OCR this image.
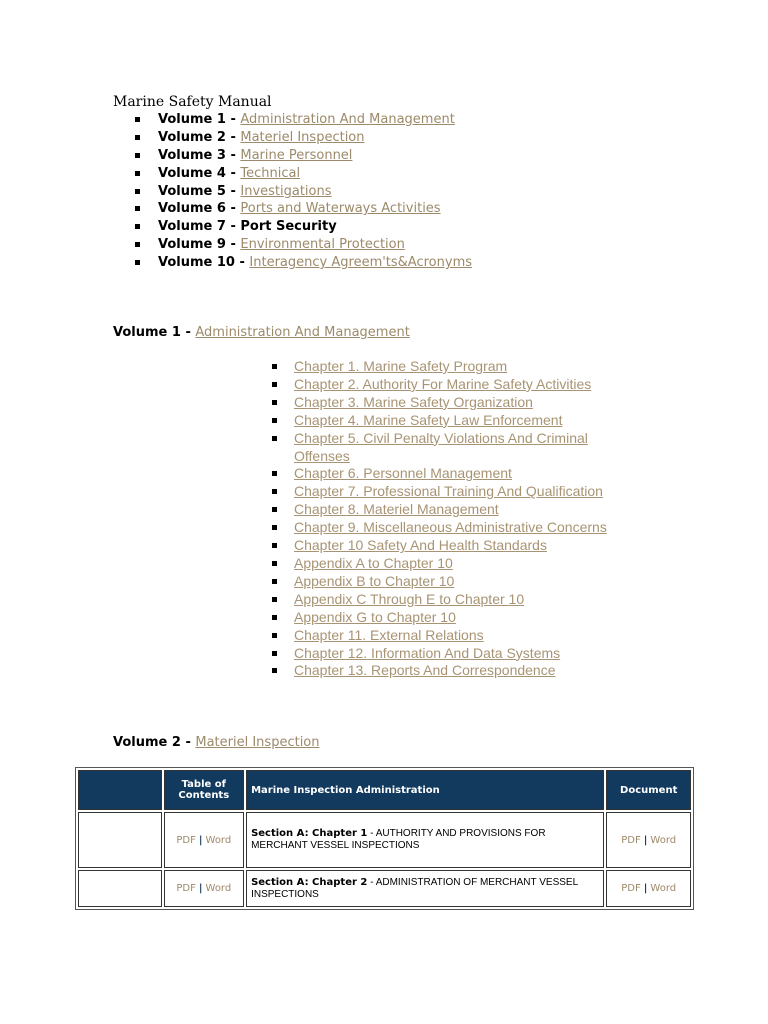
Marine Safety Manual
Volume 1 - Administration And Management
Volume 2 - Materiel Inspection
Volume 3 - Marine Personnel
Volume 4 - Technical
Volume 5 - Investigations
Volume 6 - Ports and Waterways Activities
Volume 7 - Port Security
Volume 9 - Environmental Protection
Volume 10 - Interagency Agreem'ts&Acronyms
Volume 1 - Administration And Management
Chapter 1. Marine Safety Program
Chapter 2. Authority For Marine Safety Activities
Chapter 3. Marine Safety Organization
Chapter 4. Marine Safety Law Enforcement
Chapter 5. Civil Penalty Violations And Criminal Offenses
Chapter 6. Personnel Management
Chapter 7. Professional Training And Qualification
Chapter 8. Materiel Management
Chapter 9. Miscellaneous Administrative Concerns
Chapter 10 Safety And Health Standards
Appendix A to Chapter 10
Appendix B to Chapter 10
Appendix C Through E to Chapter 10
Appendix G to Chapter 10
Chapter 11. External Relations
Chapter 12. Information And Data Systems
Chapter 13. Reports And Correspondence
Volume 2 - Materiel Inspection
	Table of Contents	Marine Inspection Administration	Document
	PDF | Word	Section A: Chapter 1 - AUTHORITY AND PROVISIONS FOR MERCHANT VESSEL INSPECTIONS	PDF | Word
	PDF | Word	Section A: Chapter 2 - ADMINISTRATION OF MERCHANT VESSEL INSPECTIONS	PDF | Word
